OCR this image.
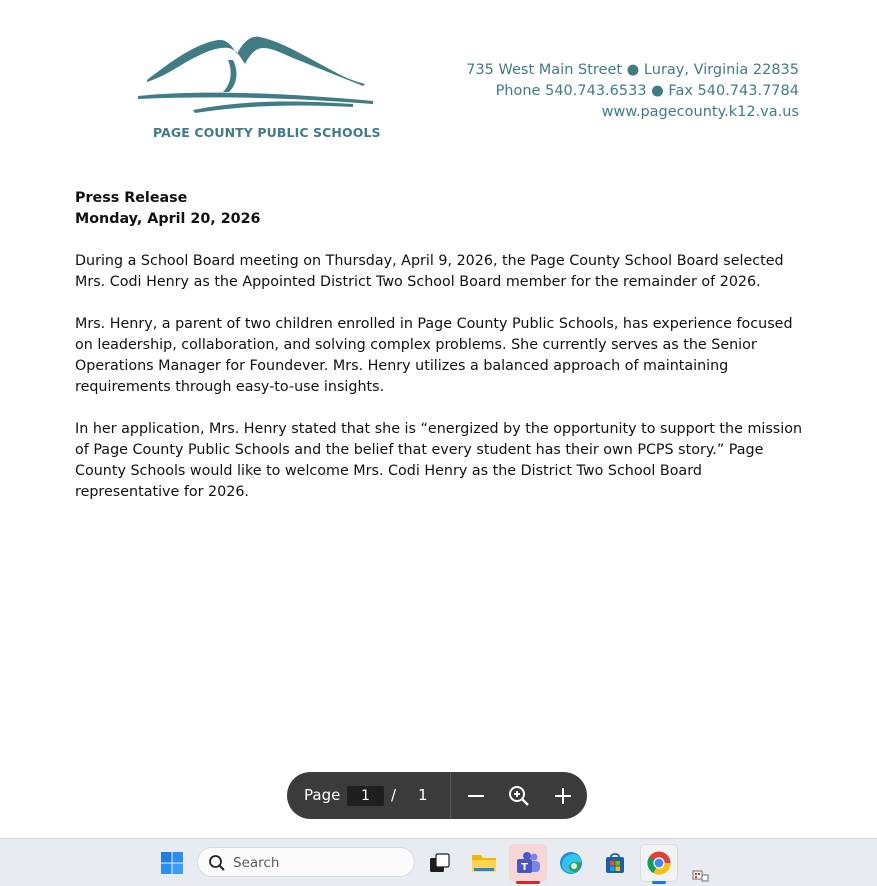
PAGE COUNTY PUBLIC SCHOOLS
735 West Main Street ● Luray, Virginia 22835
Phone 540.743.6533 ● Fax 540.743.7784
www.pagecounty.k12.va.us
Press Release
Monday, April 20, 2026
During a School Board meeting on Thursday, April 9, 2026, the Page County School Board selected Mrs. Codi Henry as the Appointed District Two School Board member for the remainder of 2026.
Mrs. Henry, a parent of two children enrolled in Page County Public Schools, has experience focused on leadership, collaboration, and solving complex problems. She currently serves as the Senior Operations Manager for Foundever. Mrs. Henry utilizes a balanced approach of maintaining requirements through easy-to-use insights.
In her application, Mrs. Henry stated that she is “energized by the opportunity to support the mission of Page County Public Schools and the belief that every student has their own PCPS story.” Page County Schools would like to welcome Mrs. Codi Henry as the District Two School Board representative for 2026.
Page	1	/ 1
Search	T
